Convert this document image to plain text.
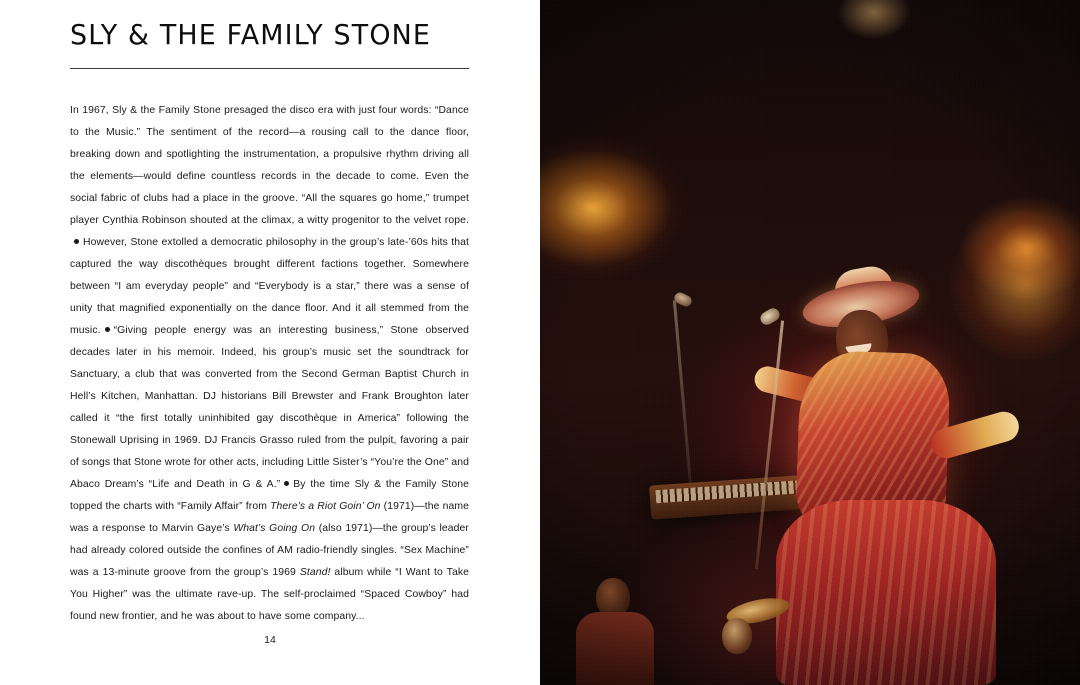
SLY & THE FAMILY STONE

In 1967, Sly & the Family Stone presaged the disco era with just four words: “Dance to the Music.” The sentiment of the record—a rousing call to the dance floor, breaking down and spotlighting the instrumentation, a propulsive rhythm driving all the elements—would define countless records in the decade to come. Even the social fabric of clubs had a place in the groove. “All the squares go home,” trumpet player Cynthia Robinson shouted at the climax, a witty progenitor to the velvet rope.However, Stone extolled a democratic philosophy in the group’s late-’60s hits that captured the way discothèques brought different factions together. Somewhere between “I am everyday people” and “Everybody is a star,” there was a sense of unity that magnified exponentially on the dance floor. And it all stemmed from the music. “Giving people energy was an interesting business,” Stone observed decades later in his memoir. Indeed, his group’s music set the soundtrack for Sanctuary, a club that was converted from the Second German Baptist Church in Hell’s Kitchen, Manhattan. DJ historians Bill Brewster and Frank Broughton later called it “the first totally uninhibited gay discothèque in America” following the Stonewall Uprising in 1969. DJ Francis Grasso ruled from the pulpit, favoring a pair of songs that Stone wrote for other acts, including Little Sister’s “You’re the One” and Abaco Dream’s “Life and Death in G & A.” By the time Sly & the Family Stone topped the charts with “Family Affair” from There’s a Riot Goin’ On (1971)—the name was a response to Marvin Gaye’s What’s Going On (also 1971)—the group’s leader had already colored outside the confines of AM radio-friendly singles. “Sex Machine” was a 13-minute groove from the group’s 1969 Stand! album while “I Want to Take You Higher” was the ultimate rave-up. The self-proclaimed “Spaced Cowboy” had found new frontier, and he was about to have some company...

14
